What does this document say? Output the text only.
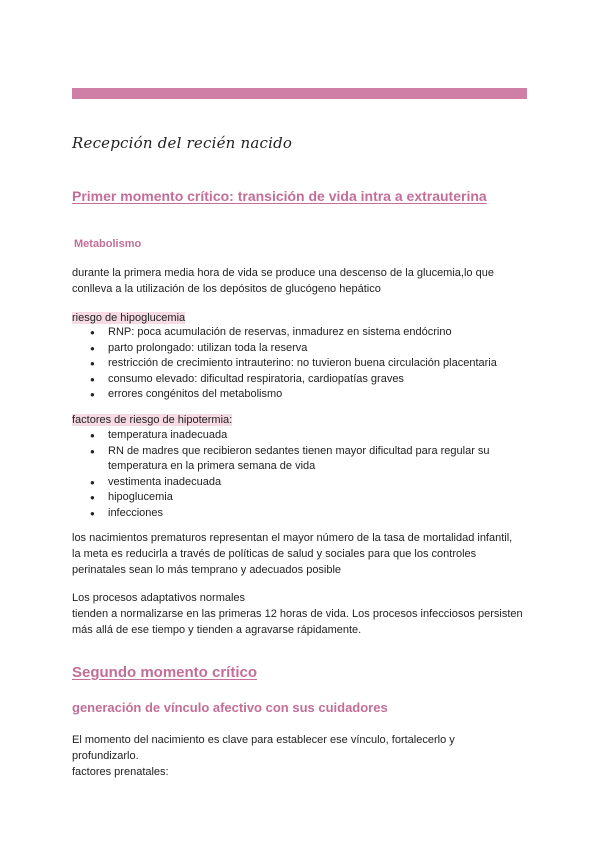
Recepción del recién nacido
Primer momento crítico: transición de vida intra a extrauterina
Metabolismo
durante la primera media hora de vida se produce una descenso de la glucemia,lo que
conlleva a la utilización de los depósitos de glucógeno hepático
riesgo de hipoglucemia
● RNP: poca acumulación de reservas, inmadurez en sistema endócrino
● parto prolongado: utilizan toda la reserva
● restricción de crecimiento intrauterino: no tuvieron buena circulación placentaria
● consumo elevado: dificultad respiratoria, cardiopatías graves
● errores congénitos del metabolismo
factores de riesgo de hipotermia:
● temperatura inadecuada
● RN de madres que recibieron sedantes tienen mayor dificultad para regular su
temperatura en la primera semana de vida
● vestimenta inadecuada
● hipoglucemia
● infecciones
los nacimientos prematuros representan el mayor número de la tasa de mortalidad infantil,
la meta es reducirla a través de políticas de salud y sociales para que los controles
perinatales sean lo más temprano y adecuados posible
Los procesos adaptativos normales
tienden a normalizarse en las primeras 12 horas de vida. Los procesos infecciosos persisten
más allá de ese tiempo y tienden a agravarse rápidamente.
Segundo momento crítico
generación de vínculo afectivo con sus cuidadores
El momento del nacimiento es clave para establecer ese vínculo, fortalecerlo y
profundizarlo.
factores prenatales:
